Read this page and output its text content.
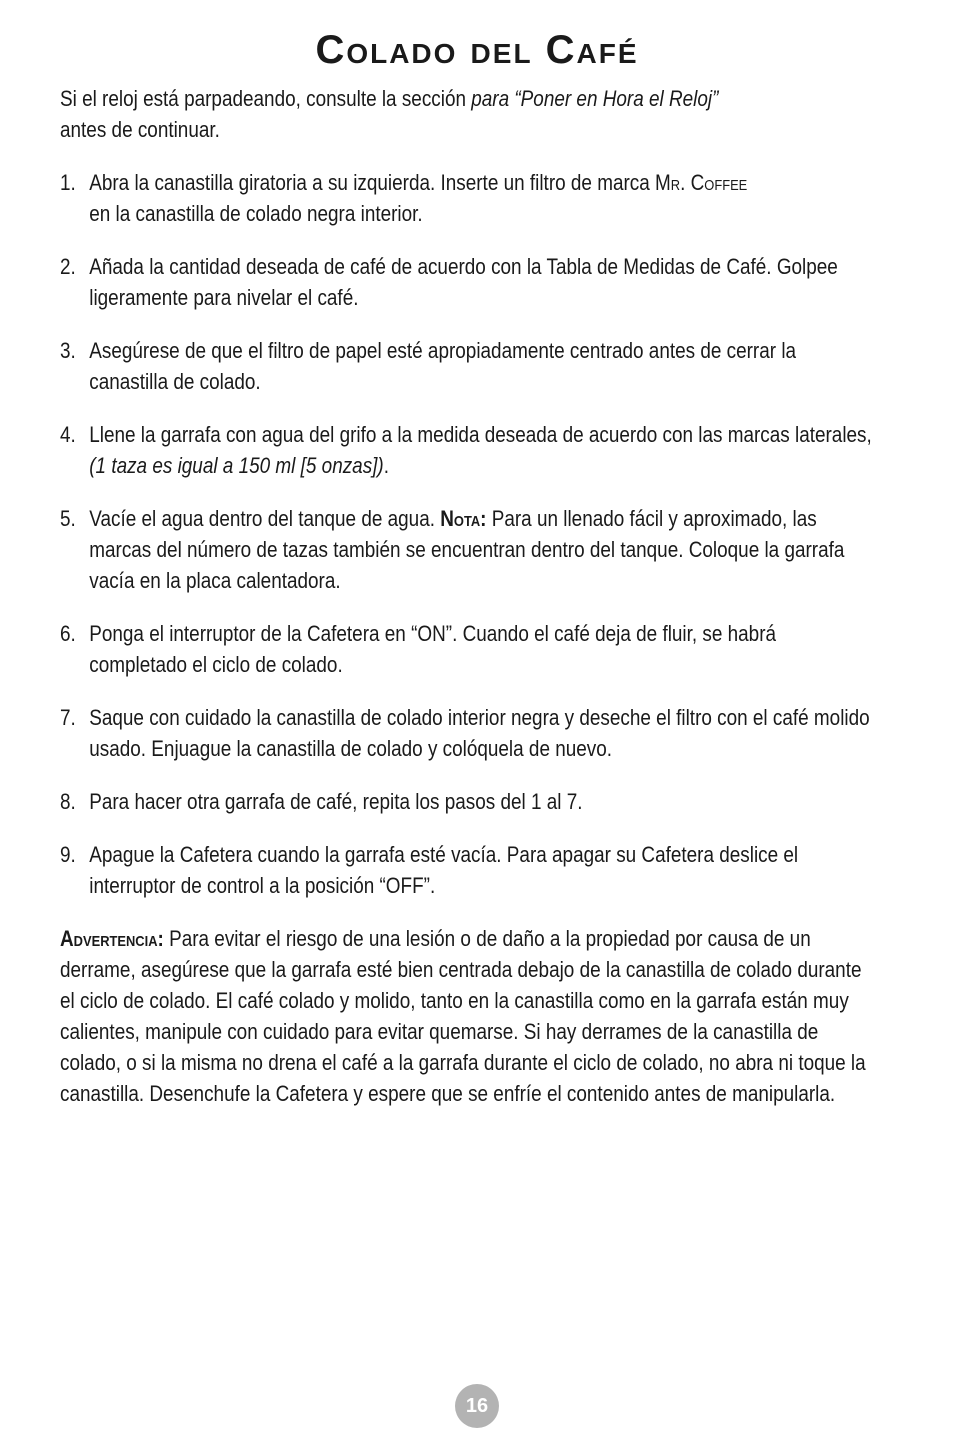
Colado del Café

Si el reloj está parpadeando, consulte la sección para “Poner en Hora el Reloj”
antes de continuar.

1. Abra la canastilla giratoria a su izquierda. Inserte un filtro de marca Mr. Coffee
en la canastilla de colado negra interior.
2. Añada la cantidad deseada de café de acuerdo con la Tabla de Medidas de Café. Golpee ligeramente para nivelar el café.
3. Asegúrese de que el filtro de papel esté apropiadamente centrado antes de cerrar la canastilla de colado.
4. Llene la garrafa con agua del grifo a la medida deseada de acuerdo con las marcas laterales, (1 taza es igual a 150 ml [5 onzas]).
5. Vacíe el agua dentro del tanque de agua. Nota: Para un llenado fácil y aproximado, las marcas del número de tazas también se encuentran dentro del tanque. Coloque la garrafa vacía en la placa calentadora.
6. Ponga el interruptor de la Cafetera en “ON”. Cuando el café deja de fluir, se habrá completado el ciclo de colado.
7. Saque con cuidado la canastilla de colado interior negra y deseche el filtro con el café molido usado. Enjuague la canastilla de colado y colóquela de nuevo.
8. Para hacer otra garrafa de café, repita los pasos del 1 al 7.
9. Apague la Cafetera cuando la garrafa esté vacía. Para apagar su Cafetera deslice el interruptor de control a la posición “OFF”.

Advertencia: Para evitar el riesgo de una lesión o de daño a la propiedad por causa de un derrame, asegúrese que la garrafa esté bien centrada debajo de la canastilla de colado durante el ciclo de colado. El café colado y molido, tanto en la canastilla como en la garrafa están muy calientes, manipule con cuidado para evitar quemarse. Si hay derrames de la canastilla de colado, o si la misma no drena el café a la garrafa durante el ciclo de colado, no abra ni toque la canastilla. Desenchufe la Cafetera y espere que se enfríe el contenido antes de manipularla.

16
